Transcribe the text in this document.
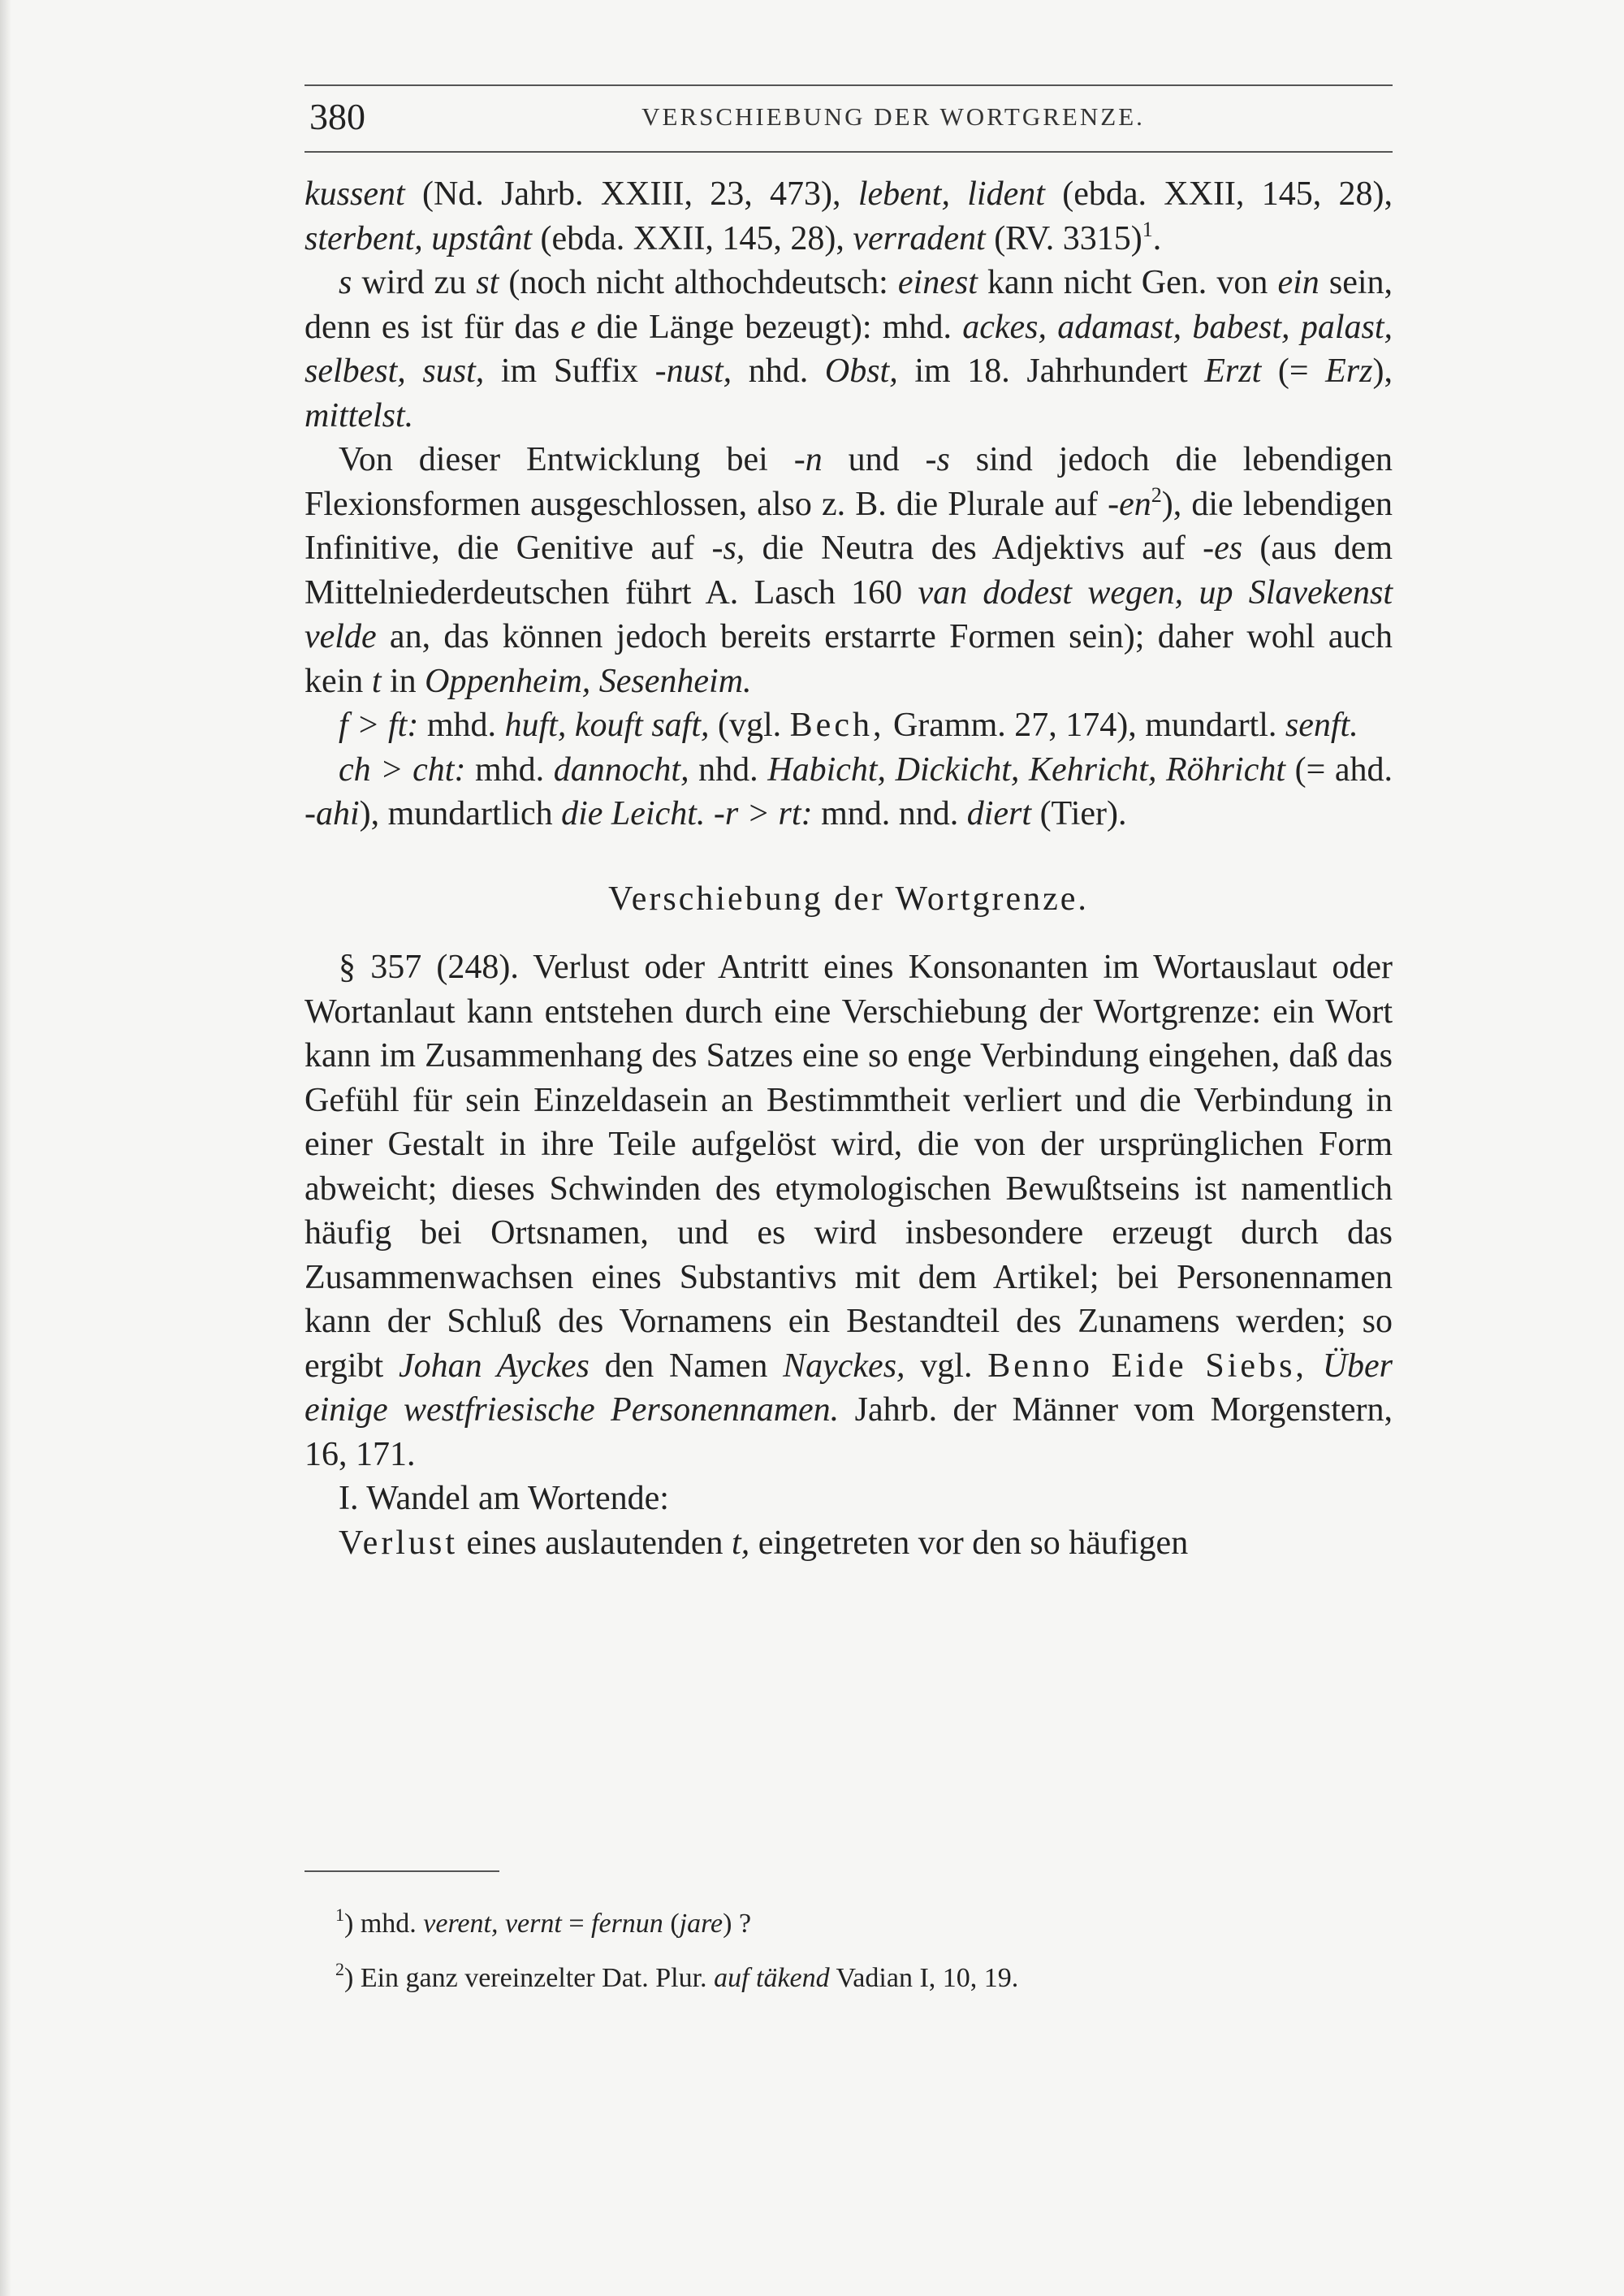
380	VERSCHIEBUNG DER WORTGRENZE.

kussent (Nd. Jahrb. XXIII, 23, 473), lebent, lident (ebda. XXII, 145, 28), sterbent, upstânt (ebda. XXII, 145, 28), verradent (RV. 3315)$^1$.

s wird zu st (noch nicht althochdeutsch: einest kann nicht Gen. von ein sein, denn es ist für das e die Länge bezeugt): mhd. ackes, adamast, babest, palast, selbest, sust, im Suffix -nust, nhd. Obst, im 18. Jahrhundert Erzt (= Erz), mittelst.

Von dieser Entwicklung bei -n und -s sind jedoch die lebendigen Flexionsformen ausgeschlossen, also z. B. die Plurale auf -en$^2$), die lebendigen Infinitive, die Genitive auf -s, die Neutra des Adjektivs auf -es (aus dem Mittelniederdeutschen führt A. Lasch 160 van dodest wegen, up Slavekenst velde an, das können jedoch bereits erstarrte Formen sein); daher wohl auch kein t in Oppenheim, Sesenheim.

f > ft: mhd. huft, kouft saft, (vgl. Bech, Gramm. 27, 174), mundartl. senft.

ch > cht: mhd. dannocht, nhd. Habicht, Dickicht, Kehricht, Röhricht (= ahd. -ahi), mundartlich die Leicht. -r > rt: mnd. nnd. diert (Tier).

Verschiebung der Wortgrenze.

§ 357 (248). Verlust oder Antritt eines Konsonanten im Wortauslaut oder Wortanlaut kann entstehen durch eine Verschiebung der Wortgrenze: ein Wort kann im Zusammenhang des Satzes eine so enge Verbindung eingehen, daß das Gefühl für sein Einzeldasein an Bestimmtheit verliert und die Verbindung in einer Gestalt in ihre Teile aufgelöst wird, die von der ursprünglichen Form abweicht; dieses Schwinden des etymologischen Bewußtseins ist namentlich häufig bei Ortsnamen, und es wird insbesondere erzeugt durch das Zusammenwachsen eines Substantivs mit dem Artikel; bei Personennamen kann der Schluß des Vornamens ein Bestandteil des Zunamens werden; so ergibt Johan Ayckes den Namen Nayckes, vgl. Benno Eide Siebs, Über einige westfriesische Personennamen. Jahrb. der Männer vom Morgenstern, 16, 171.

I. Wandel am Wortende:

Verlust eines auslautenden t, eingetreten vor den so häufigen

$^1$) mhd. verent, vernt = fernun (jare) ?
$^2$) Ein ganz vereinzelter Dat. Plur. auf täkend Vadian I, 10, 19.
